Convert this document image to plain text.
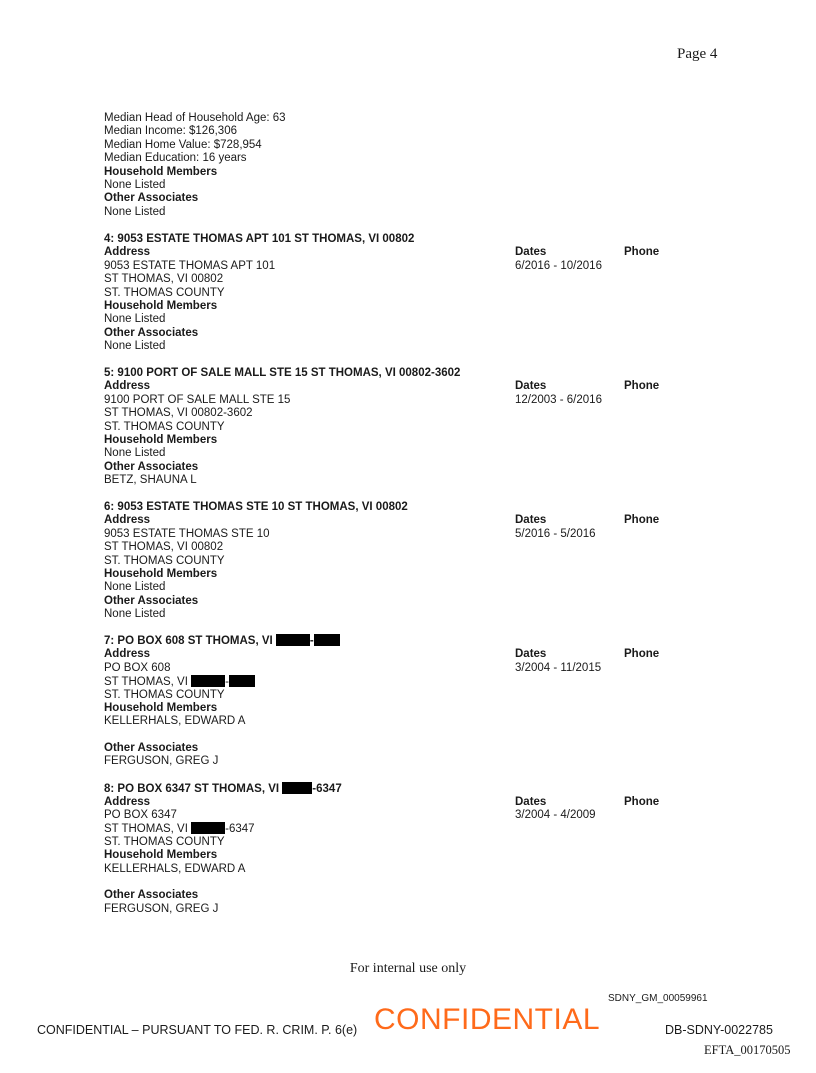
Page 4
Median Head of Household Age: 63
Median Income: $126,306
Median Home Value: $728,954
Median Education: 16 years
Household Members
None Listed
Other Associates
None Listed
4: 9053 ESTATE THOMAS APT 101 ST THOMAS, VI 00802
Address	Dates	Phone
9053 ESTATE THOMAS APT 101	6/2016 - 10/2016
ST THOMAS, VI 00802
ST. THOMAS COUNTY
Household Members
None Listed
Other Associates
None Listed
5: 9100 PORT OF SALE MALL STE 15 ST THOMAS, VI 00802-3602
Address	Dates	Phone
9100 PORT OF SALE MALL STE 15	12/2003 - 6/2016
ST THOMAS, VI 00802-3602
ST. THOMAS COUNTY
Household Members
None Listed
Other Associates
BETZ, SHAUNA L
6: 9053 ESTATE THOMAS STE 10 ST THOMAS, VI 00802
Address	Dates	Phone
9053 ESTATE THOMAS STE 10	5/2016 - 5/2016
ST THOMAS, VI 00802
ST. THOMAS COUNTY
Household Members
None Listed
Other Associates
None Listed
7: PO BOX 608 ST THOMAS, VI	-
Address	Dates	Phone
PO BOX 608	3/2004 - 11/2015
ST THOMAS, VI	-
ST. THOMAS COUNTY
Household Members
KELLERHALS, EDWARD A
Other Associates
FERGUSON, GREG J
8: PO BOX 6347 ST THOMAS, VI	-6347
Address	Dates	Phone
PO BOX 6347	3/2004 - 4/2009
ST THOMAS, VI	-6347
ST. THOMAS COUNTY
Household Members
KELLERHALS, EDWARD A
Other Associates
FERGUSON, GREG J
For internal use only
SDNY_GM_00059961
CONFIDENTIAL – PURSUANT TO FED. R. CRIM. P. 6(e) CONFIDENTIAL	DB-SDNY-0022785
EFTA_00170505
